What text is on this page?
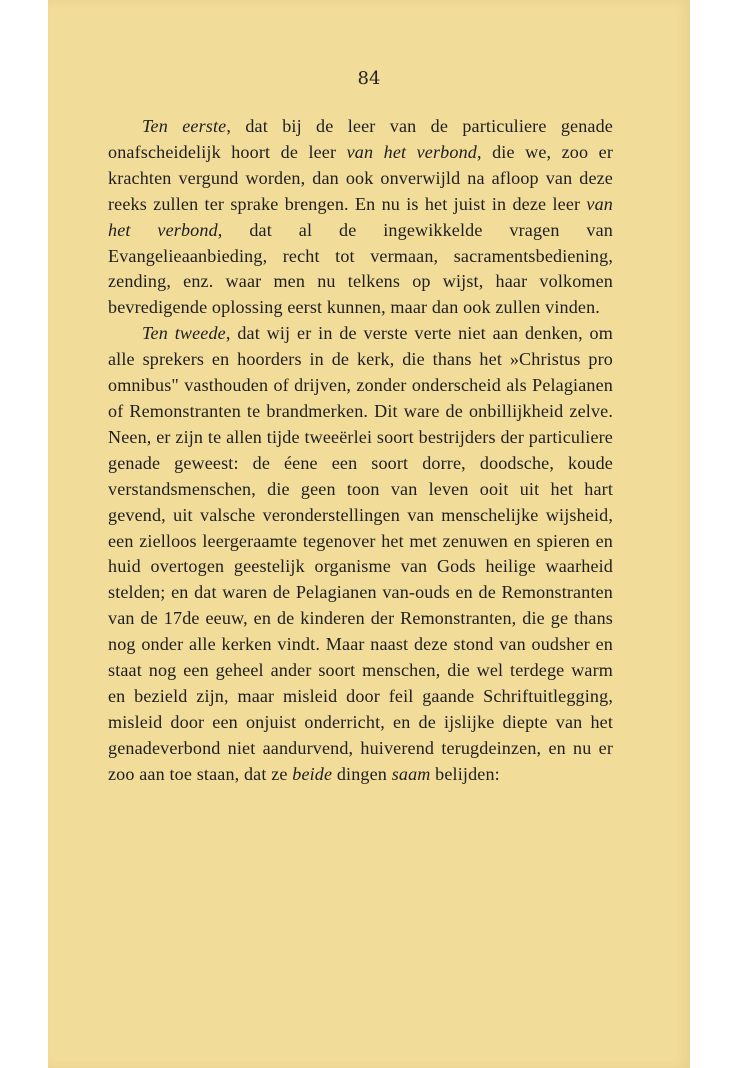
84

Ten eerste, dat bij de leer van de particuliere genade onafscheidelijk hoort de leer van het verbond, die we, zoo er krachten vergund worden, dan ook onverwijld na afloop van deze reeks zullen ter sprake brengen. En nu is het juist in deze leer van het verbond, dat al de ingewikkelde vragen van Evangelieaanbieding, recht tot vermaan, sacramentsbediening, zending, enz. waar men nu telkens op wijst, haar volkomen bevredigende oplossing eerst kunnen, maar dan ook zullen vinden.

Ten tweede, dat wij er in de verste verte niet aan denken, om alle sprekers en hoorders in de kerk, die thans het »Christus pro omnibus" vasthouden of drijven, zonder onderscheid als Pelagianen of Remonstranten te brandmerken. Dit ware de onbillijkheid zelve. Neen, er zijn te allen tijde tweeërlei soort bestrijders der particuliere genade geweest: de éene een soort dorre, doodsche, koude verstandsmenschen, die geen toon van leven ooit uit het hart gevend, uit valsche veronderstellingen van menschelijke wijsheid, een zielloos leergeraamte tegenover het met zenuwen en spieren en huid overtogen geestelijk organisme van Gods heilige waarheid stelden; en dat waren de Pelagianen van-ouds en de Remonstranten van de 17de eeuw, en de kinderen der Remonstranten, die ge thans nog onder alle kerken vindt. Maar naast deze stond van oudsher en staat nog een geheel ander soort menschen, die wel terdege warm en bezield zijn, maar misleid door feil gaande Schriftuitlegging, misleid door een onjuist onderricht, en de ijslijke diepte van het genadeverbond niet aandurvend, huiverend terugdeinzen, en nu er zoo aan toe staan, dat ze beide dingen saam belijden:
